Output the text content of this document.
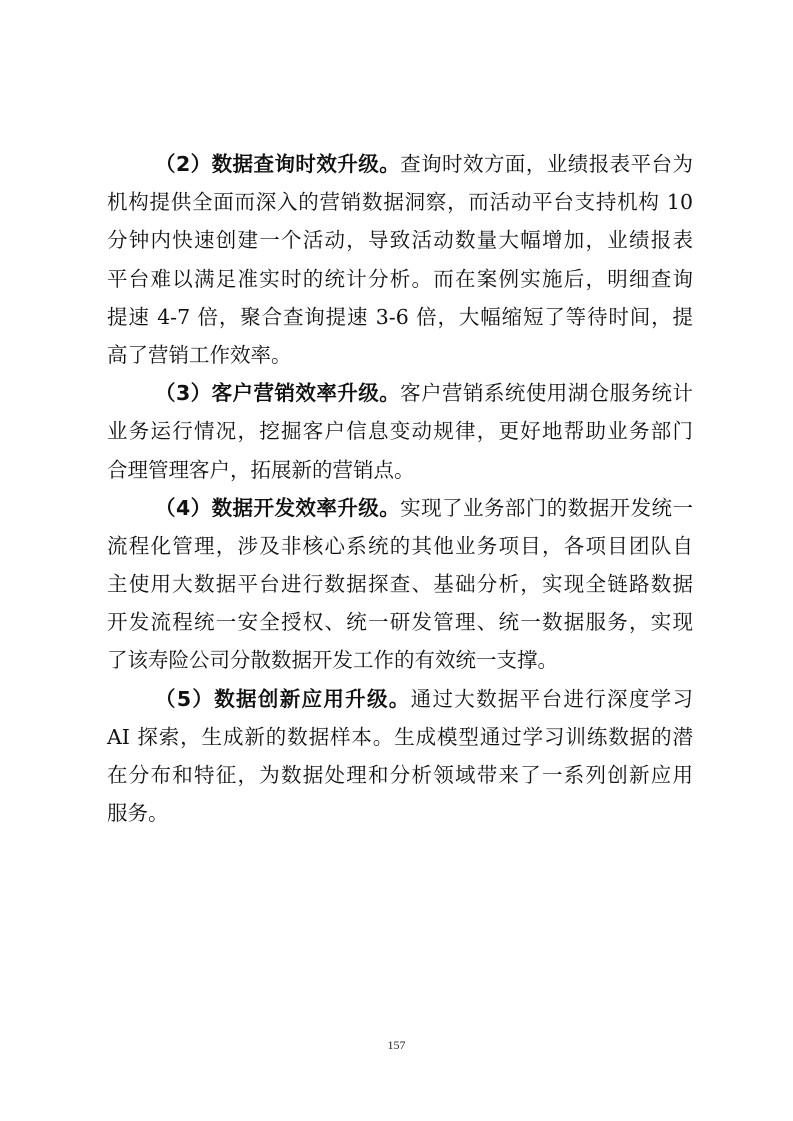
（2）数据查询时效升级。查询时效方面，业绩报表平台为
机构提供全面而深入的营销数据洞察，而活动平台支持机构 10
分钟内快速创建一个活动，导致活动数量大幅增加，业绩报表
平台难以满足准实时的统计分析。而在案例实施后，明细查询
提速 4-7 倍，聚合查询提速 3-6 倍，大幅缩短了等待时间，提
高了营销工作效率。
（3）客户营销效率升级。客户营销系统使用湖仓服务统计
业务运行情况，挖掘客户信息变动规律，更好地帮助业务部门
合理管理客户，拓展新的营销点。
（4）数据开发效率升级。实现了业务部门的数据开发统一
流程化管理，涉及非核心系统的其他业务项目，各项目团队自
主使用大数据平台进行数据探查、基础分析，实现全链路数据
开发流程统一安全授权、统一研发管理、统一数据服务，实现
了该寿险公司分散数据开发工作的有效统一支撑。
（5）数据创新应用升级。通过大数据平台进行深度学习
AI 探索，生成新的数据样本。生成模型通过学习训练数据的潜
在分布和特征，为数据处理和分析领域带来了一系列创新应用
服务。
157
